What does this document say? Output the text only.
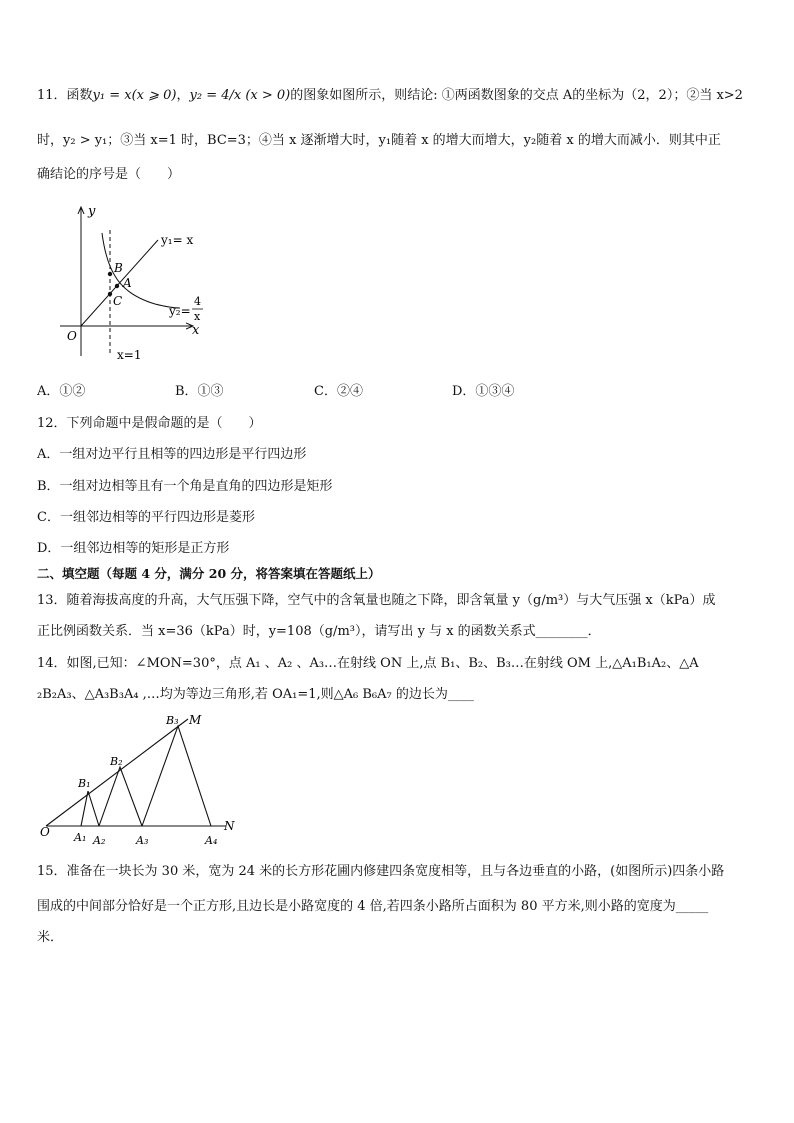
11．函数y₁ = x(x ⩾ 0)，y₂ = 4/x (x > 0)的图象如图所示，则结论: ①两函数图象的交点 A的坐标为（2，2）；②当 x>2
时，y₂ > y₁；③当 x=1 时，BC=3；④当 x 逐渐增大时，y₁随着 x 的增大而增大，y₂随着 x 的增大而减小．则其中正
确结论的序号是（　　）
y
x
O
y₁= x
y₂=
4
x
x=1
B
A
C
A．①②	B．①③	C．②④	D．①③④
12．下列命题中是假命题的是（　　）
A．一组对边平行且相等的四边形是平行四边形
B．一组对边相等且有一个角是直角的四边形是矩形
C．一组邻边相等的平行四边形是菱形
D．一组邻边相等的矩形是正方形
二、填空题（每题 4 分，满分 20 分，将答案填在答题纸上）
13．随着海拔高度的升高，大气压强下降，空气中的含氧量也随之下降，即含氧量 y（g/m³）与大气压强 x（kPa）成
正比例函数关系．当 x=36（kPa）时，y=108（g/m³），请写出 y 与 x 的函数关系式________．
14．如图,已知：∠MON=30°，点 A₁ 、A₂ 、A₃…在射线 ON 上,点 B₁、B₂、B₃…在射线 OM 上,△A₁B₁A₂、△A
₂B₂A₃、△A₃B₃A₄ ,…均为等边三角形,若 OA₁=1,则△A₆ B₆A₇ 的边长为____
O
M
N
A₁ A₂	A₃	A₄
B₁
B₂
B₃
15．准备在一块长为 30 米，宽为 24 米的长方形花圃内修建四条宽度相等，且与各边垂直的小路，(如图所示)四条小路
围成的中间部分恰好是一个正方形,且边长是小路宽度的 4 倍,若四条小路所占面积为 80 平方米,则小路的宽度为_____
米．
